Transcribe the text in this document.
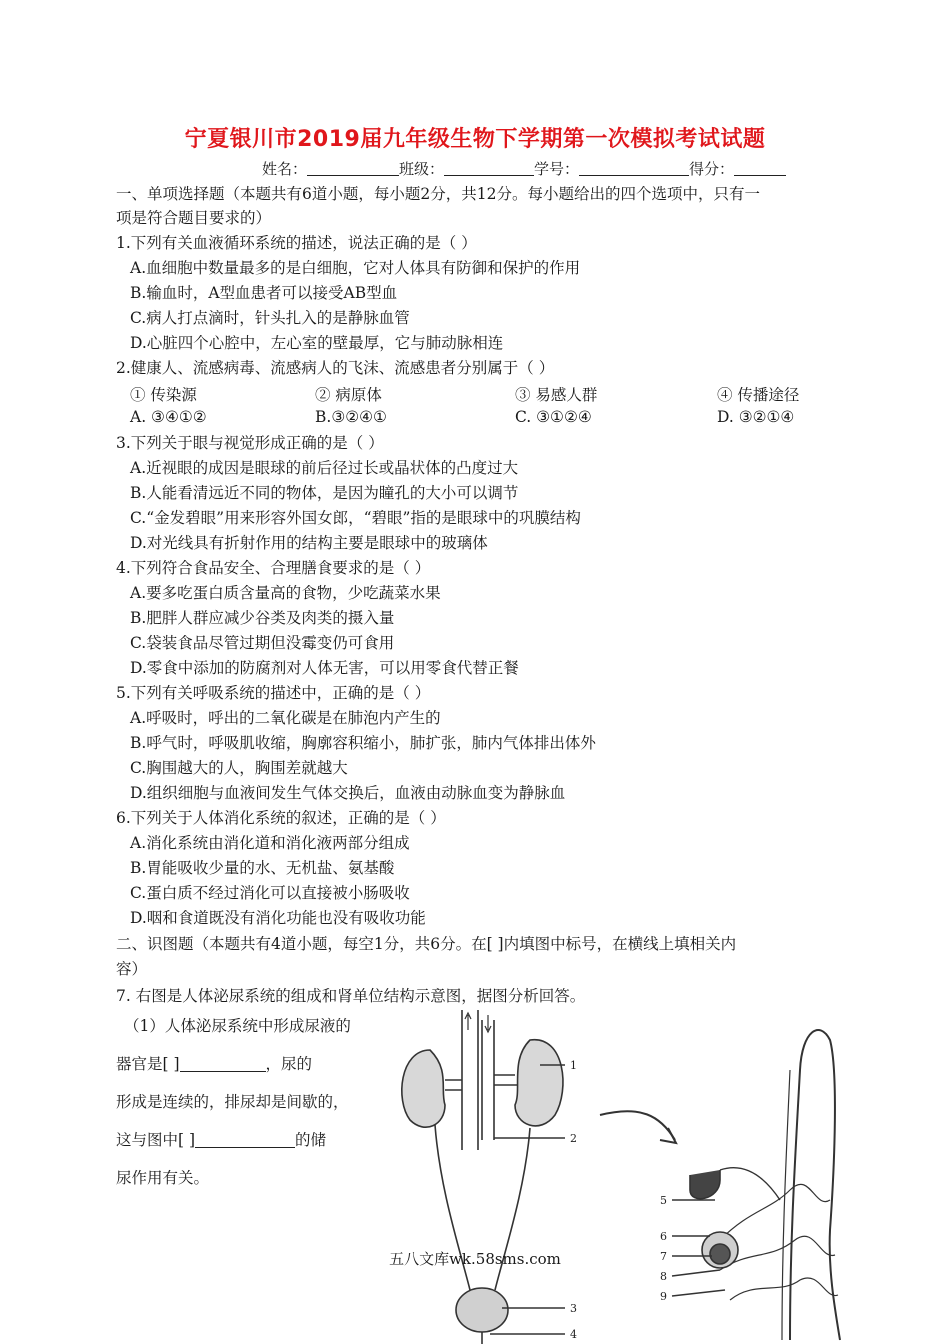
宁夏银川市2019届九年级生物下学期第一次模拟考试试题
姓名：	班级：	学号：	得分：
一、单项选择题（本题共有6道小题，每小题2分，共12分。每小题给出的四个选项中，只有一
项是符合题目要求的）
1.下列有关血液循环系统的描述，说法正确的是（ ）
A.血细胞中数量最多的是白细胞，它对人体具有防御和保护的作用
B.输血时，A型血患者可以接受AB型血
C.病人打点滴时，针头扎入的是静脉血管
D.心脏四个心腔中，左心室的壁最厚，它与肺动脉相连
2.健康人、流感病毒、流感病人的飞沫、流感患者分别属于（ ）
① 传染源	② 病原体	③ 易感人群	④ 传播途径
A. ③④①②	B.③②④①	C. ③①②④	D. ③②①④
3.下列关于眼与视觉形成正确的是（ ）
A.近视眼的成因是眼球的前后径过长或晶状体的凸度过大
B.人能看清远近不同的物体，是因为瞳孔的大小可以调节
C.“金发碧眼”用来形容外国女郎，“碧眼”指的是眼球中的巩膜结构
D.对光线具有折射作用的结构主要是眼球中的玻璃体
4.下列符合食品安全、合理膳食要求的是（ ）
A.要多吃蛋白质含量高的食物，少吃蔬菜水果
B.肥胖人群应减少谷类及肉类的摄入量
C.袋装食品尽管过期但没霉变仍可食用
D.零食中添加的防腐剂对人体无害，可以用零食代替正餐
5.下列有关呼吸系统的描述中，正确的是（ ）
A.呼吸时，呼出的二氧化碳是在肺泡内产生的
B.呼气时，呼吸肌收缩，胸廓容积缩小，肺扩张，肺内气体排出体外
C.胸围越大的人，胸围差就越大
D.组织细胞与血液间发生气体交换后，血液由动脉血变为静脉血
6.下列关于人体消化系统的叙述，正确的是（ ）
A.消化系统由消化道和消化液两部分组成
B.胃能吸收少量的水、无机盐、氨基酸
C.蛋白质不经过消化可以直接被小肠吸收
D.咽和食道既没有消化功能也没有吸收功能
二、识图题（本题共有4道小题，每空1分，共6分。在[ ]内填图中标号，在横线上填相关内
容）
7. 右图是人体泌尿系统的组成和肾单位结构示意图，据图分析回答。
（1）人体泌尿系统中形成尿液的
器官是[ ]	，尿的
形成是连续的，排尿却是间歇的，
这与图中[ ]	的储
尿作用有关。
1
2
3
4
5
6
7
8
9
五八文库wk.58sms.com
